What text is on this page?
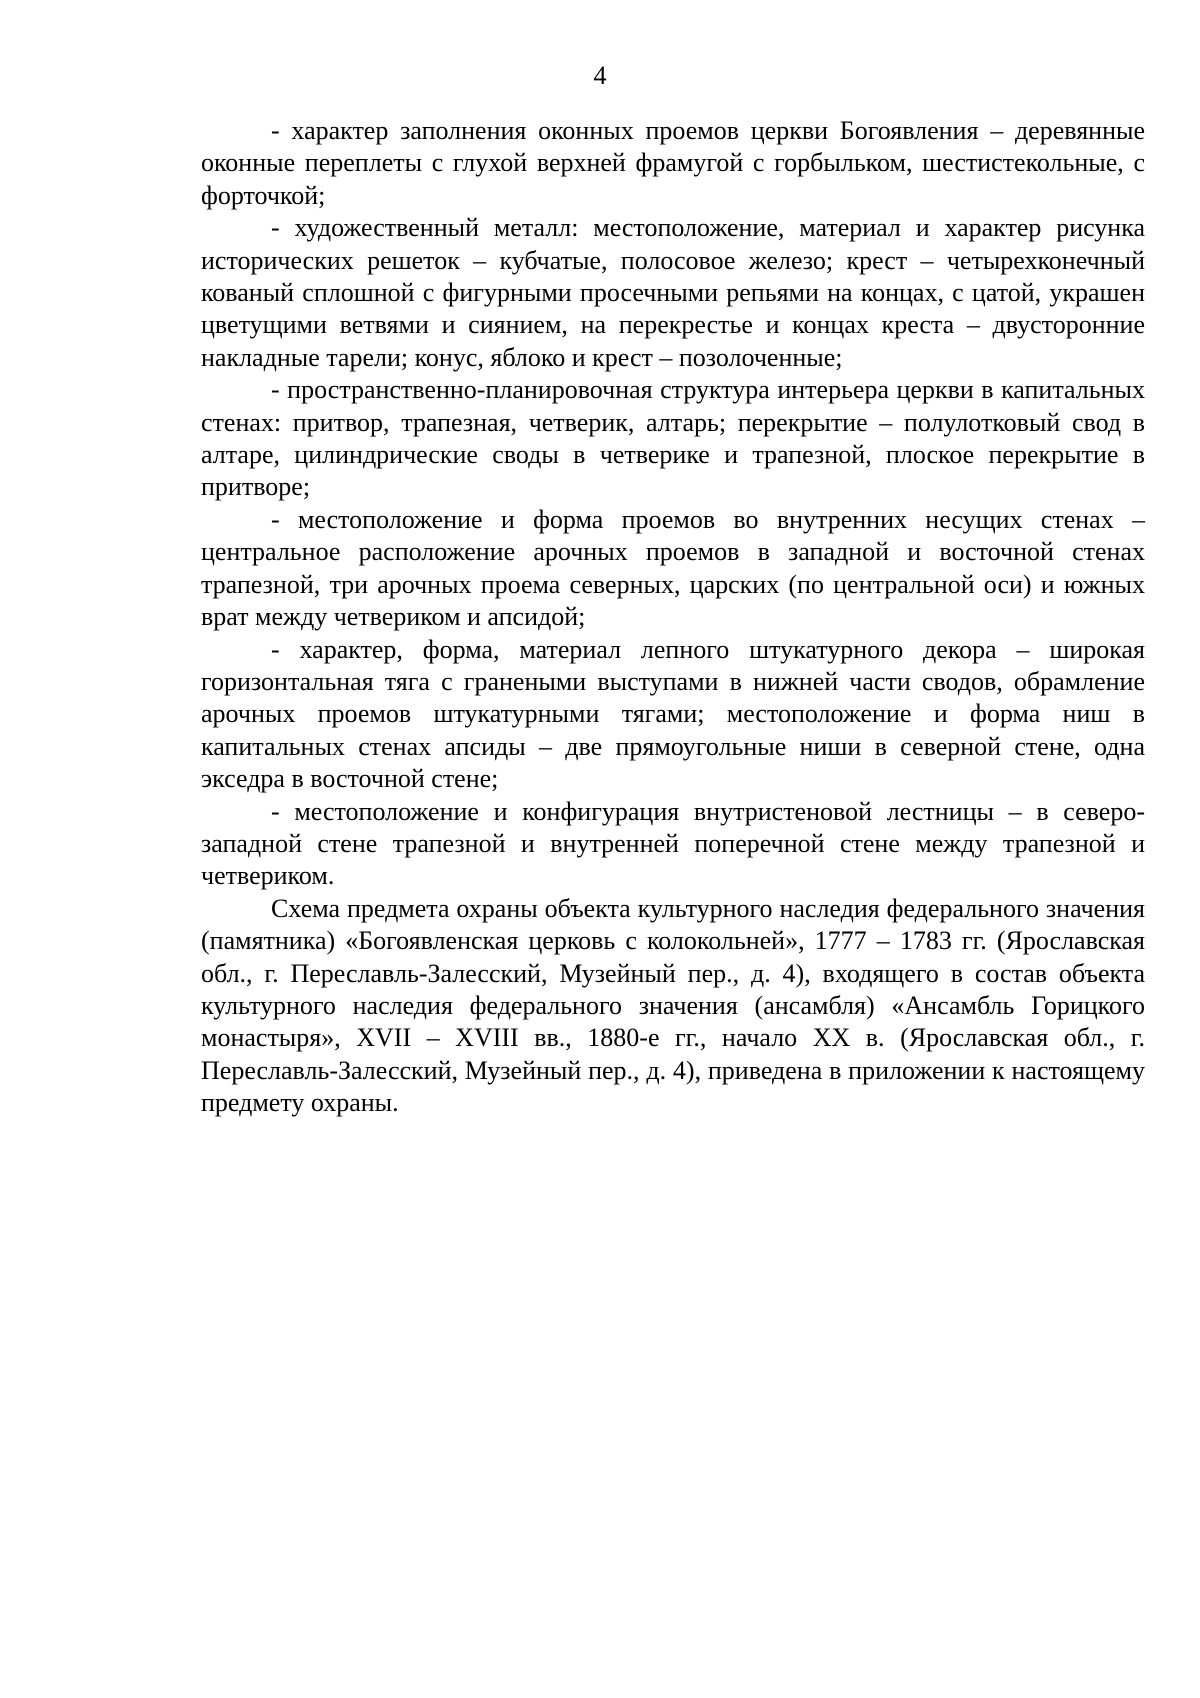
4

- характер заполнения оконных проемов церкви Богоявления – деревянные оконные переплеты с глухой верхней фрамугой с горбыльком, шестистекольные, с форточкой;

- художественный металл: местоположение, материал и характер рисунка исторических решеток – кубчатые, полосовое железо; крест – четырехконечный кованый сплошной с фигурными просечными репьями на концах, с цатой, украшен цветущими ветвями и сиянием, на перекрестье и концах креста – двусторонние накладные тарели; конус, яблоко и крест – позолоченные;

- пространственно-планировочная структура интерьера церкви в капитальных стенах: притвор, трапезная, четверик, алтарь; перекрытие – полулотковый свод в алтаре, цилиндрические своды в четверике и трапезной, плоское перекрытие в притворе;

- местоположение и форма проемов во внутренних несущих стенах – центральное расположение арочных проемов в западной и восточной стенах трапезной, три арочных проема северных, царских (по центральной оси) и южных врат между четвериком и апсидой;

- характер, форма, материал лепного штукатурного декора – широкая горизонтальная тяга с гранеными выступами в нижней части сводов, обрамление арочных проемов штукатурными тягами; местоположение и форма ниш в капитальных стенах апсиды – две прямоугольные ниши в северной стене, одна экседра в восточной стене;

- местоположение и конфигурация внутристеновой лестницы – в северо-западной стене трапезной и внутренней поперечной стене между трапезной и четвериком.

Схема предмета охраны объекта культурного наследия федерального значения (памятника) «Богоявленская церковь с колокольней», 1777 – 1783 гг. (Ярославская обл., г. Переславль-Залесский, Музейный пер., д. 4), входящего в состав объекта культурного наследия федерального значения (ансамбля) «Ансамбль Горицкого монастыря», XVII – XVIII вв., 1880-е гг., начало XX в. (Ярославская обл., г. Переславль-Залесский, Музейный пер., д. 4), приведена в приложении к настоящему предмету охраны.
